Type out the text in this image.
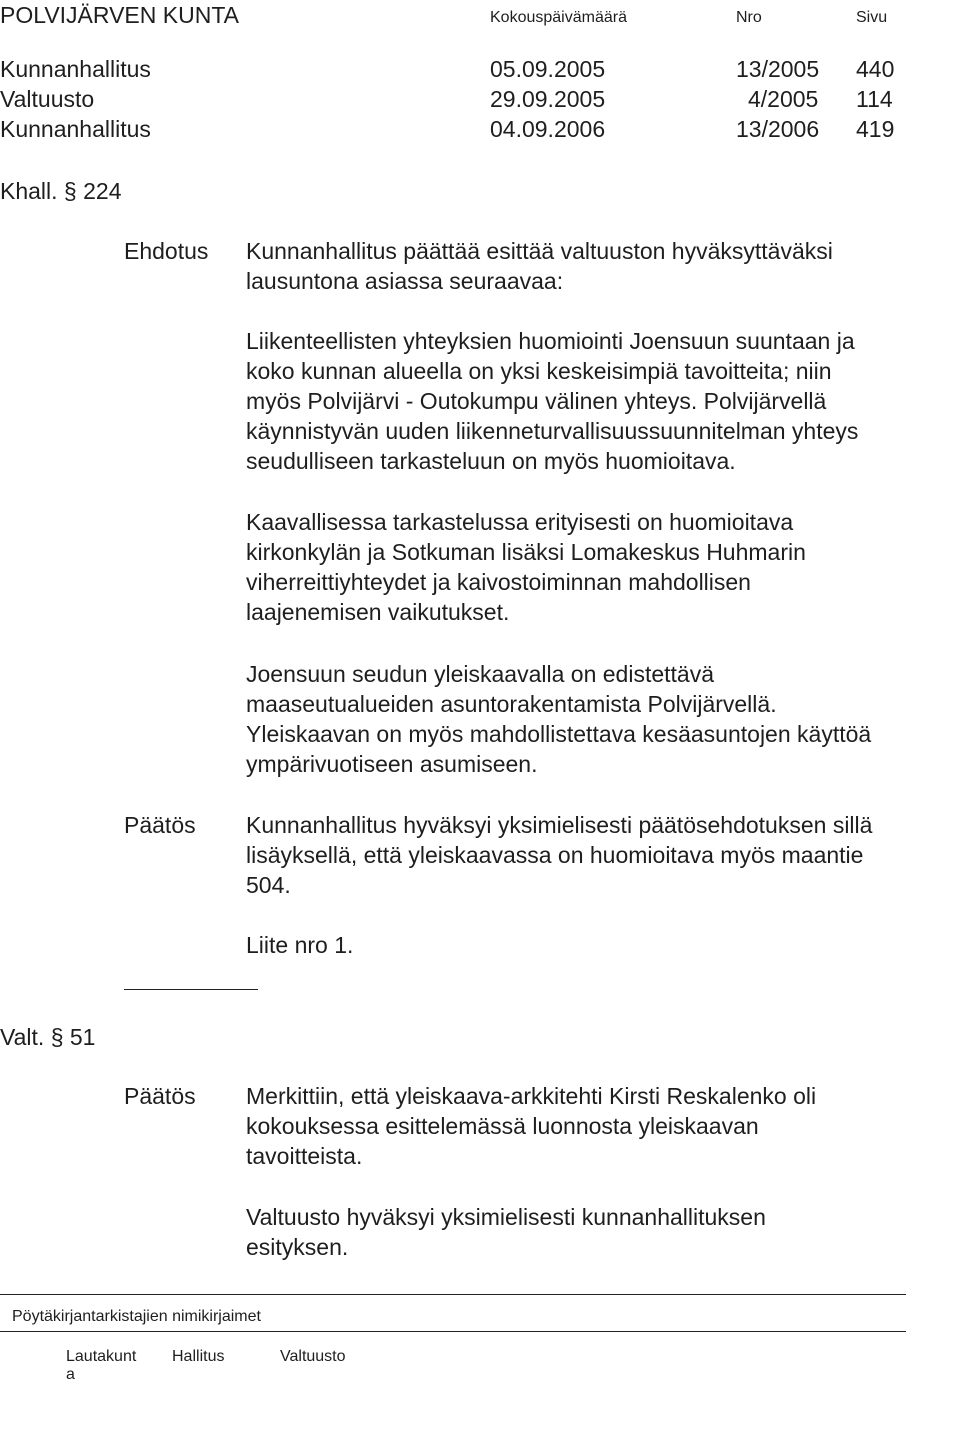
POLVIJÄRVEN KUNTA	Kokouspäivämäärä	Nro	Sivu
Kunnanhallitus	05.09.2005	13/2005 440
Valtuusto	29.09.2005	4/2005 114
Kunnanhallitus	04.09.2006	13/2006 419
Khall. § 224
Ehdotus Kunnanhallitus päättää esittää valtuuston hyväksyttäväksi
lausuntona asiassa seuraavaa:
Liikenteellisten yhteyksien huomiointi Joensuun suuntaan ja
koko kunnan alueella on yksi keskeisimpiä tavoitteita; niin
myös Polvijärvi - Outokumpu välinen yhteys. Polvijärvellä
käynnistyvän uuden liikenneturvallisuussuunnitelman yhteys
seudulliseen tarkasteluun on myös huomioitava.
Kaavallisessa tarkastelussa erityisesti on huomioitava
kirkonkylän ja Sotkuman lisäksi Lomakeskus Huhmarin
viherreittiyhteydet ja kaivostoiminnan mahdollisen
laajenemisen vaikutukset.
Joensuun seudun yleiskaavalla on edistettävä
maaseutualueiden asuntorakentamista Polvijärvellä.
Yleiskaavan on myös mahdollistettava kesäasuntojen käyttöä
ympärivuotiseen asumiseen.
Päätös Kunnanhallitus hyväksyi yksimielisesti päätösehdotuksen sillä
lisäyksellä, että yleiskaavassa on huomioitava myös maantie
504.
Liite nro 1.
Valt. § 51
Päätös Merkittiin, että yleiskaava-arkkitehti Kirsti Reskalenko oli
kokouksessa esittelemässä luonnosta yleiskaavan
tavoitteista.
Valtuusto hyväksyi yksimielisesti kunnanhallituksen
esityksen.
Pöytäkirjantarkistajien nimikirjaimet
Lautakunt
a
Hallitus	Valtuusto
